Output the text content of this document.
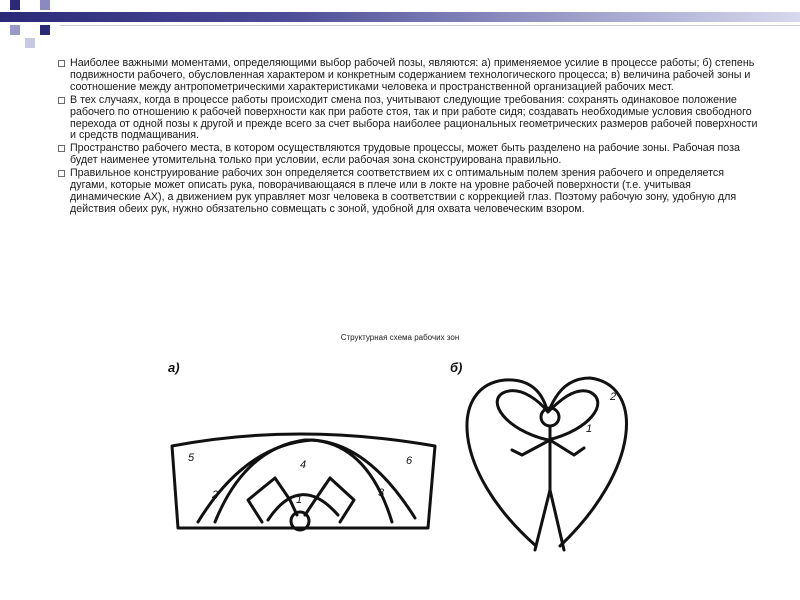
Наиболее важными моментами, определяющими выбор рабочей позы, являются: а) применяемое усилие в процессе работы; б) степень подвижности рабочего, обусловленная характером и конкретным содержанием технологического процесса; в) величина рабочей зоны и соотношение между антропометрическими характеристиками человека и пространственной организацией рабочих мест.
В тех случаях, когда в процессе работы происходит смена поз, учитывают следующие требования: сохранять одинаковое положение рабочего по отношению к рабочей поверхности как при работе стоя, так и при работе сидя; создавать необходимые условия свободного перехода от одной позы к другой и прежде всего за счет выбора наиболее рациональных геометрических размеров рабочей поверхности и средств подмащивания.
Пространство рабочего места, в котором осуществляются трудовые процессы, может быть разделено на рабочие зоны. Рабочая поза будет наименее утомительна только при условии, если рабочая зона сконструирована правильно.
Правильное конструирование рабочих зон определяется соответствием их с оптимальным полем зрения рабочего и определяется дугами, которые может описать рука, поворачивающаяся в плече или в локте на уровне рабочей поверхности (т.е. учитывая динамические АХ), а движением рук управляет мозг человека в соответствии с коррекцией глаз. Поэтому рабочую зону, удобную для действия обеих рук, нужно обязательно совмещать с зоной, удобной для охвата человеческим взором.
Структурная схема рабочих зон
а)	б)
1
2	3
4
5	6
1
2
